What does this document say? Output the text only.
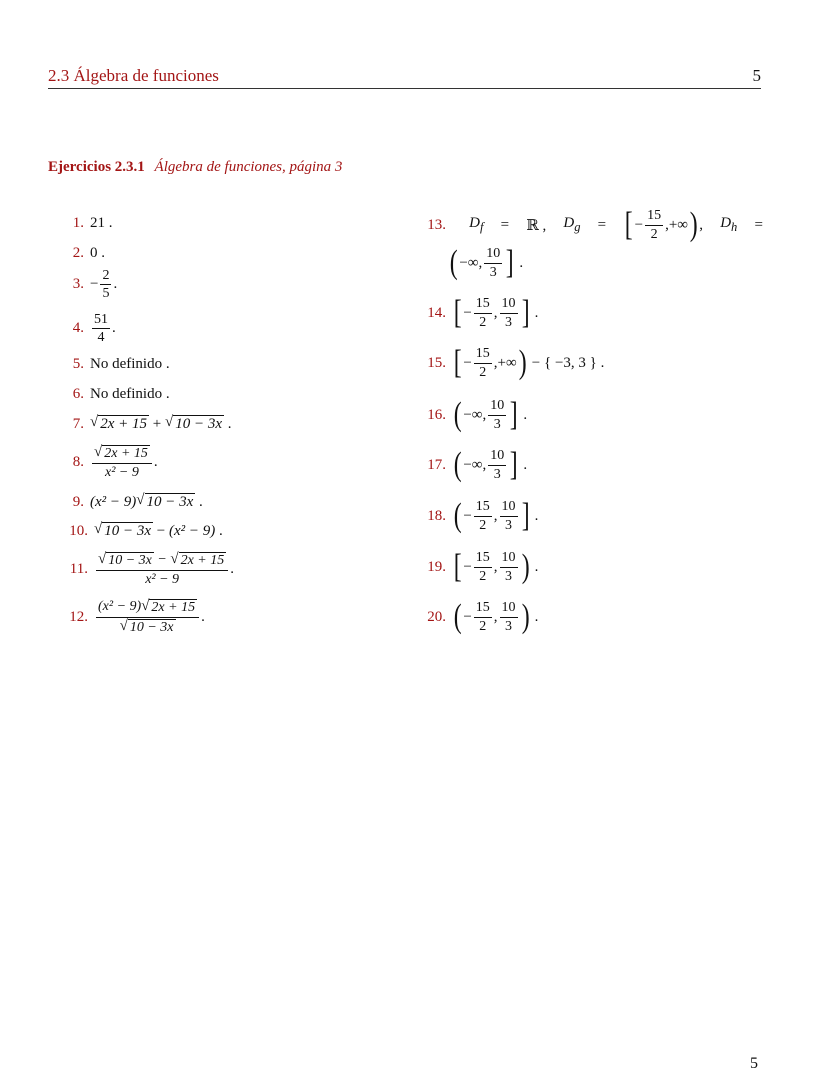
2.3 Álgebra de funciones	5
Ejercicios 2.3.1 Álgebra de funciones, página 3
1. 21
.
2. 0
.
3. − $\frac{2}{5}$ .
4. $\frac{51}{4}$ .
5. No definido
.
6. No definido
.
7. √ 2x + 15 + √ 10 − 3x
.
8. $\frac{√ 2x + 15}{\text{x² − 9}}$ .
9. (x² − 9) √ 10 − 3x
.
10. √ 10 − 3x − (x² − 9)
.
11. $\frac{√ 10 - 3x - √ 2x + 15}{\text{x² − 9}}$ .
12. $\frac{\text{(x² − 9) √ 2x + 15}}{√ 10 - 3x}$ .
13. $D_f$ = ℝ , $D_g$ = [ − $\frac{15}{2}$ , +∞ ) , $D_h$ =
( −∞ , $\frac{10}{3}$ ]
.
14. [ − $\frac{15}{2}$ , $\frac{10}{3}$ ]
.
15. [ − $\frac{15}{2}$ , +∞ ) − { −3, 3 }
.
16. ( −∞ , $\frac{10}{3}$ ]
.
17. ( −∞ , $\frac{10}{3}$ ]
.
18. ( − $\frac{15}{2}$ , $\frac{10}{3}$ ]
.
19. [ − $\frac{15}{2}$ , $\frac{10}{3}$ )
.
20. ( − $\frac{15}{2}$ , $\frac{10}{3}$ )
.
5
